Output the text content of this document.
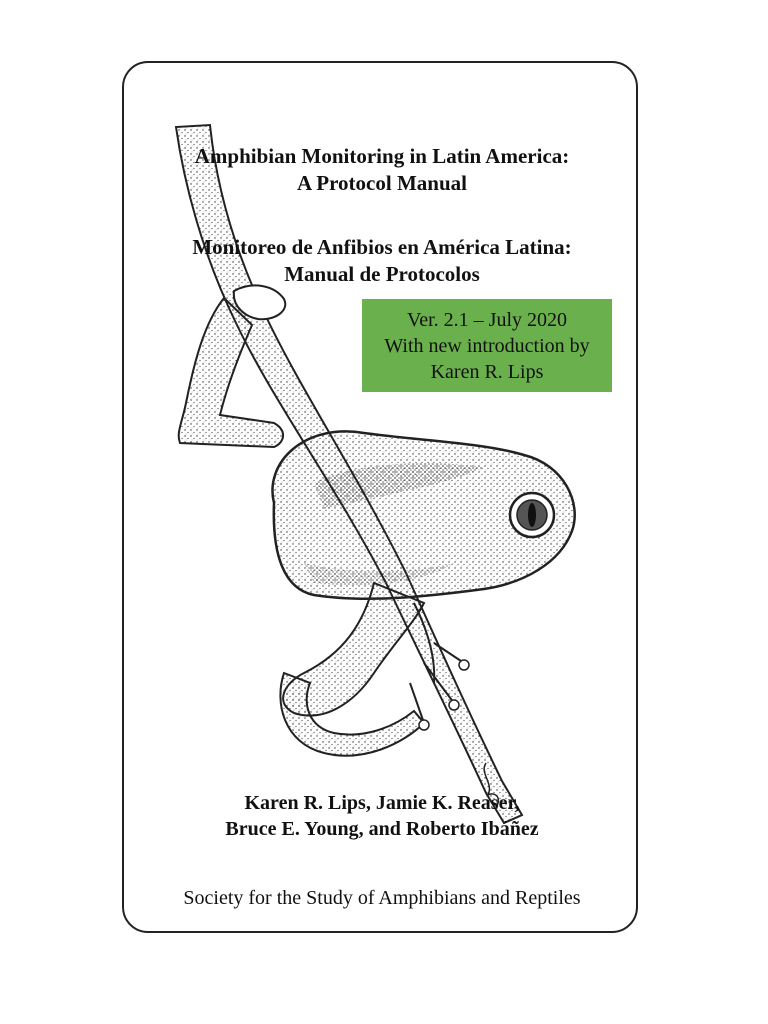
Amphibian Monitoring in Latin America:
A Protocol Manual
Monitoreo de Anfibios en América Latina:
Manual de Protocolos
Ver. 2.1 – July 2020
With new introduction by
Karen R. Lips
Karen R. Lips, Jamie K. Reaser,
Bruce E. Young, and Roberto Ibáñez
Society for the Study of Amphibians and Reptiles
